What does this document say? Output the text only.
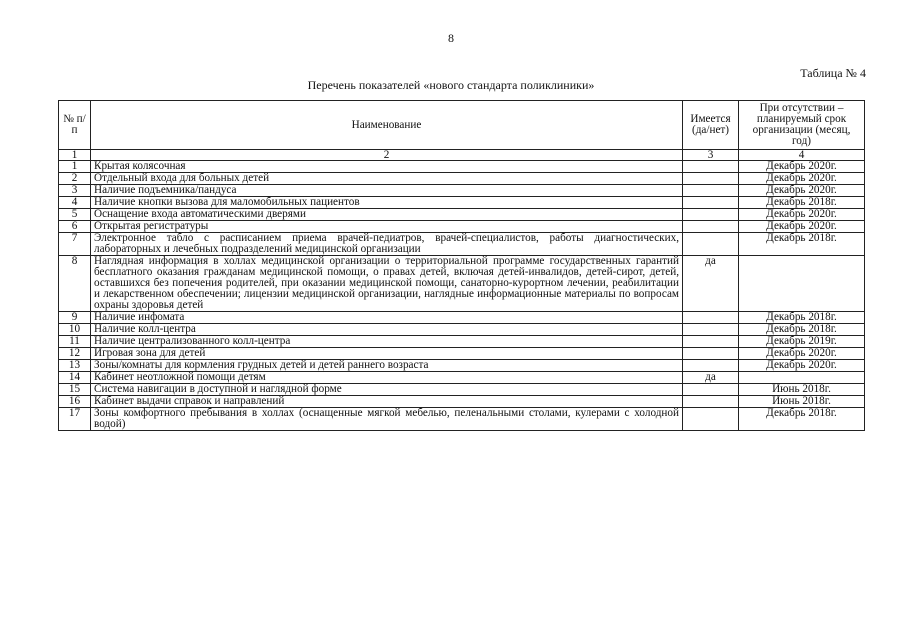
8
Таблица № 4
Перечень показателей «нового стандарта поликлиники»
№ п/п	Наименование	Имеется (да/нет)	При отсутствии – планируемый срок организации (месяц, год)
1	2	3	4
1	Крытая колясочная		Декабрь 2020г.
2	Отдельный входа для больных детей		Декабрь 2020г.
3	Наличие подъемника/пандуса		Декабрь 2020г.
4	Наличие кнопки вызова для маломобильных пациентов		Декабрь 2018г.
5	Оснащение входа автоматическими дверями		Декабрь 2020г.
6	Открытая регистратуры		Декабрь 2020г.
7	Электронное табло с расписанием приема врачей-педиатров, врачей-специалистов, работы диагностических, лабораторных и лечебных подразделений медицинской организации		Декабрь 2018г.
8	Наглядная информация в холлах медицинской организации о территориальной программе государственных гарантий бесплатного оказания гражданам медицинской помощи, о правах детей, включая детей-инвалидов, детей-сирот, детей, оставшихся без попечения родителей, при оказании медицинской помощи, санаторно-курортном лечении, реабилитации и лекарственном обеспечении; лицензии медицинской организации, наглядные информационные материалы по вопросам охраны здоровья детей	да	
9	Наличие инфомата		Декабрь 2018г.
10	Наличие колл-центра		Декабрь 2018г.
11	Наличие централизованного колл-центра		Декабрь 2019г.
12	Игровая зона для детей		Декабрь 2020г.
13	Зоны/комнаты для кормления грудных детей и детей раннего возраста		Декабрь 2020г.
14	Кабинет неотложной помощи детям	да	
15	Система навигации в доступной и наглядной форме		Июнь 2018г.
16	Кабинет выдачи справок и направлений		Июнь 2018г.
17	Зоны комфортного пребывания в холлах (оснащенные мягкой мебелью, пеленальными столами, кулерами с холодной водой)		Декабрь 2018г.
